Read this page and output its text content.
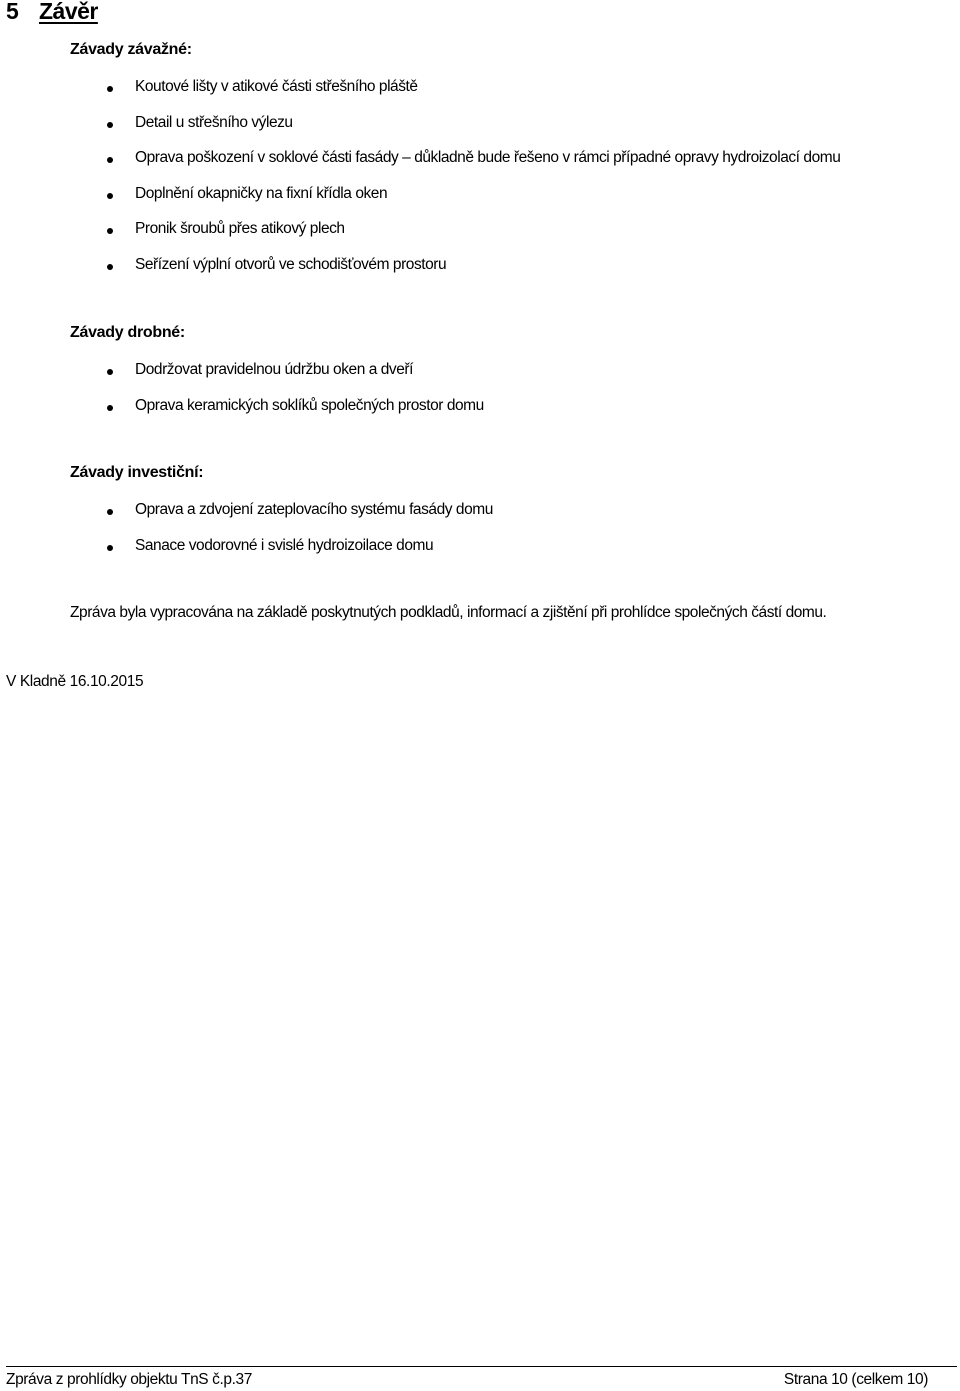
5 Závěr
Závady závažné:
Koutové lišty v atikové části střešního pláště
Detail u střešního výlezu
Oprava poškození v soklové části fasády – důkladně bude řešeno v rámci případné opravy hydroizolací domu
Doplnění okapničky na fixní křídla oken
Pronik šroubů přes atikový plech
Seřízení výplní otvorů ve schodišťovém prostoru
Závady drobné:
Dodržovat pravidelnou údržbu oken a dveří
Oprava keramických soklíků společných prostor domu
Závady investiční:
Oprava a zdvojení zateplovacího systému fasády domu
Sanace vodorovné i svislé hydroizoilace domu
Zpráva byla vypracována na základě poskytnutých podkladů, informací a zjištění při prohlídce společných částí domu.
V Kladně 16.10.2015
Zpráva z prohlídky objektu TnS č.p.37	Strana 10 (celkem 10)
